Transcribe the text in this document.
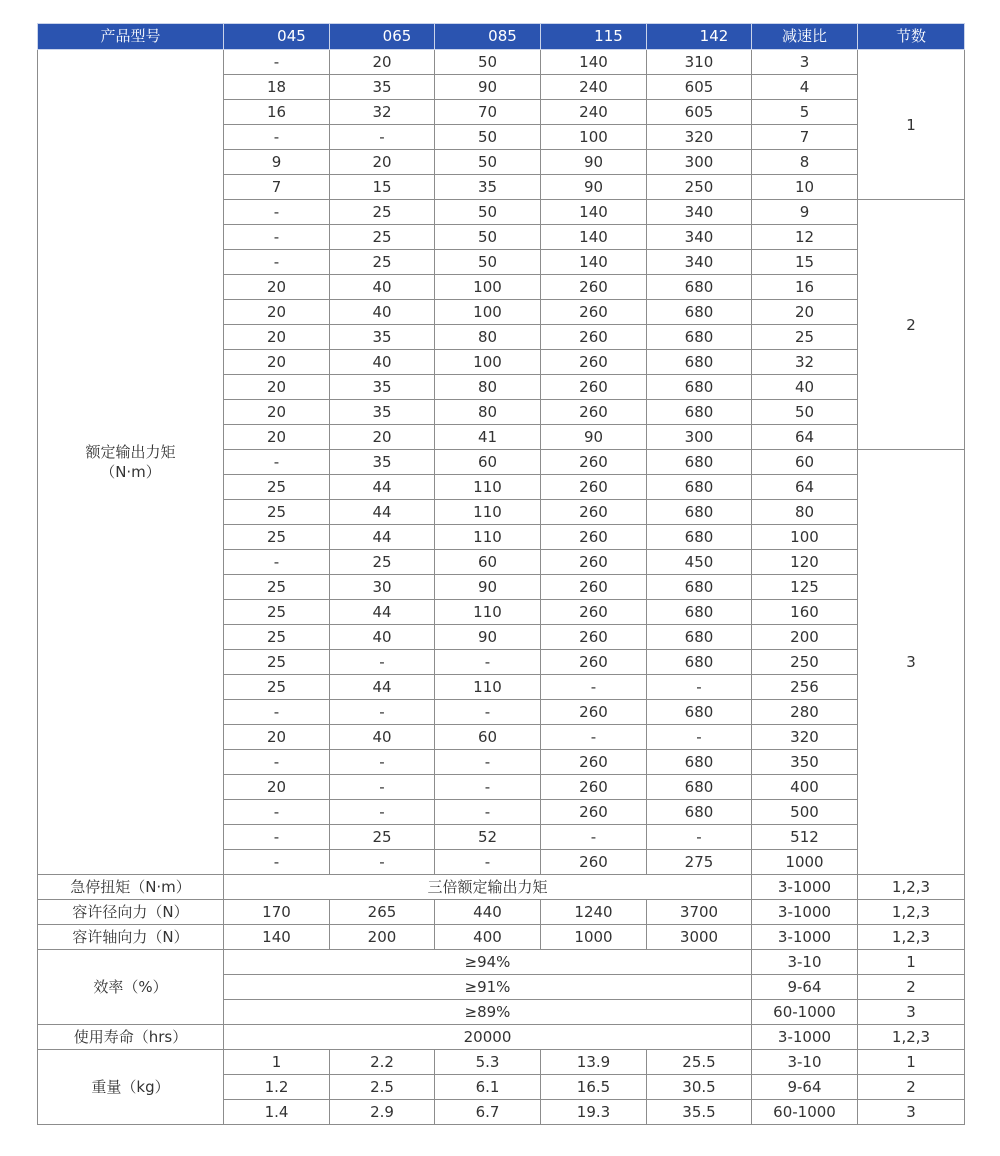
产品型号	045	065	085	115	142	减速比	节数

额定输出力矩
（N·m）	-	20	50	140	310	3	1
	18	35	90	240	605	4	
	16	32	70	240	605	5	
	-	-	50	100	320	7	
	9	20	50	90	300	8	
	7	15	35	90	250	10	
	-	25	50	140	340	9	2
	-	25	50	140	340	12	
	-	25	50	140	340	15	
	20	40	100	260	680	16	
	20	40	100	260	680	20	
	20	35	80	260	680	25	
	20	40	100	260	680	32	
	20	35	80	260	680	40	
	20	35	80	260	680	50	
	20	20	41	90	300	64	
	-	35	60	260	680	60	3
	25	44	110	260	680	64	
	25	44	110	260	680	80	
	25	44	110	260	680	100	
	-	25	60	260	450	120	
	25	30	90	260	680	125	
	25	44	110	260	680	160	
	25	40	90	260	680	200	
	25	-	-	260	680	250	
	25	44	110	-	-	256	
	-	-	-	260	680	280	
	20	40	60	-	-	320	
	-	-	-	260	680	350	
	20	-	-	260	680	400	
	-	-	-	260	680	500	
	-	25	52	-	-	512	
	-	-	-	260	275	1000	
急停扭矩（N·m）	三倍额定输出力矩					3-1000	1,2,3
容许径向力（N）	170	265	440	1240	3700	3-1000	1,2,3
容许轴向力（N）	140	200	400	1000	3000	3-1000	1,2,3
效率（%）	≥94%					3-10	1
	≥91%					9-64	2
	≥89%					60-1000	3
使用寿命（hrs）	20000					3-1000	1,2,3
重量（kg）	1	2.2	5.3	13.9	25.5	3-10	1
	1.2	2.5	6.1	16.5	30.5	9-64	2
	1.4	2.9	6.7	19.3	35.5	60-1000	3
